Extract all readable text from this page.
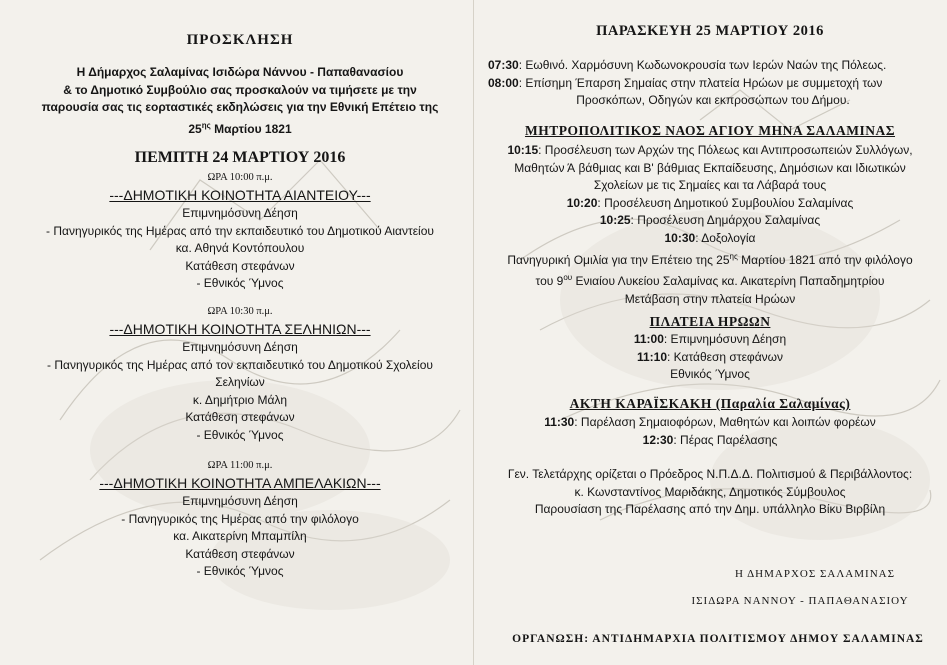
ΠΡΟΣΚΛΗΣΗ
Η Δήμαρχος Σαλαμίνας Ισιδώρα Νάννου - Παπαθανασίου
& το Δημοτικό Συμβούλιο σας προσκαλούν να τιμήσετε με την
παρουσία σας τις εορταστικές εκδηλώσεις για την Εθνική Επέτειο της
$25^{\eta\varsigma}$ Μαρτίου 1821
ΠΕΜΠΤΗ 24 ΜΑΡΤΙΟΥ 2016
ΩΡΑ 10:00 π.μ.
---ΔΗΜΟΤΙΚΗ ΚΟΙΝΟΤΗΤΑ ΑΙΑΝΤΕΙΟΥ---
Επιμνημόσυνη Δέηση
- Πανηγυρικός της Ημέρας από την εκπαιδευτικό του Δημοτικού Αιαντείου
κα. Αθηνά Κοντόπουλου
Κατάθεση στεφάνων
- Εθνικός Ύμνος
ΩΡΑ 10:30 π.μ.
---ΔΗΜΟΤΙΚΗ ΚΟΙΝΟΤΗΤΑ ΣΕΛΗΝΙΩΝ---
Επιμνημόσυνη Δέηση
- Πανηγυρικός της Ημέρας από τον εκπαιδευτικό του Δημοτικού Σχολείου
Σεληνίων
κ. Δημήτριο Μάλη
Κατάθεση στεφάνων
- Εθνικός Ύμνος
ΩΡΑ 11:00 π.μ.
---ΔΗΜΟΤΙΚΗ ΚΟΙΝΟΤΗΤΑ ΑΜΠΕΛΑΚΙΩΝ---
Επιμνημόσυνη Δέηση
- Πανηγυρικός της Ημέρας από την φιλόλογο
κα. Αικατερίνη Μπαμπίλη
Κατάθεση στεφάνων
- Εθνικός Ύμνος
ΠΑΡΑΣΚΕΥΗ 25 ΜΑΡΤΙΟΥ 2016
07:30: Εωθινό. Χαρμόσυνη Κωδωνοκρουσία των Ιερών Ναών της Πόλεως.
08:00: Επίσημη Έπαρση Σημαίας στην πλατεία Ηρώων με συμμετοχή των
Προσκόπων, Οδηγών και εκπροσώπων του Δήμου.
ΜΗΤΡΟΠΟΛΙΤΙΚΟΣ ΝΑΟΣ ΑΓΙΟΥ ΜΗΝΑ ΣΑΛΑΜΙΝΑΣ
10:15: Προσέλευση των Αρχών της Πόλεως και Αντιπροσωπειών Συλλόγων,
Μαθητών Ά βάθμιας και Β' βάθμιας Εκπαίδευσης, Δημόσιων και Ιδιωτικών
Σχολείων με τις Σημαίες και τα Λάβαρά τους
10:20: Προσέλευση Δημοτικού Συμβουλίου Σαλαμίνας
10:25: Προσέλευση Δημάρχου Σαλαμίνας
10:30: Δοξολογία
Πανηγυρική Ομιλία για την Επέτειο της $25^{\eta\varsigma}$ Μαρτίου 1821 από την φιλόλογο
του $9^{o\upsilon}$ Ενιαίου Λυκείου Σαλαμίνας κα. Αικατερίνη Παπαδημητρίου
Μετάβαση στην πλατεία Ηρώων
ΠΛΑΤΕΙΑ ΗΡΩΩΝ
11:00: Επιμνημόσυνη Δέηση
11:10: Κατάθεση στεφάνων
Εθνικός Ύμνος
ΑΚΤΗ ΚΑΡΑΪΣΚΑΚΗ (Παραλία Σαλαμίνας)
11:30: Παρέλαση Σημαιοφόρων, Μαθητών και λοιπών φορέων
12:30: Πέρας Παρέλασης
Γεν. Τελετάρχης ορίζεται ο Πρόεδρος Ν.Π.Δ.Δ. Πολιτισμού & Περιβάλλοντος:
κ. Κωνσταντίνος Μαριδάκης, Δημοτικός Σύμβουλος
Παρουσίαση της Παρέλασης από την Δημ. υπάλληλο Βίκυ Βιρβίλη
Η ΔΗΜΑΡΧΟΣ ΣΑΛΑΜΙΝΑΣ
ΙΣΙΔΩΡΑ ΝΑΝΝΟΥ - ΠΑΠΑΘΑΝΑΣΙΟΥ
ΟΡΓΑΝΩΣΗ: ΑΝΤΙΔΗΜΑΡΧΙΑ ΠΟΛΙΤΙΣΜΟΥ ΔΗΜΟΥ ΣΑΛΑΜΙΝΑΣ
